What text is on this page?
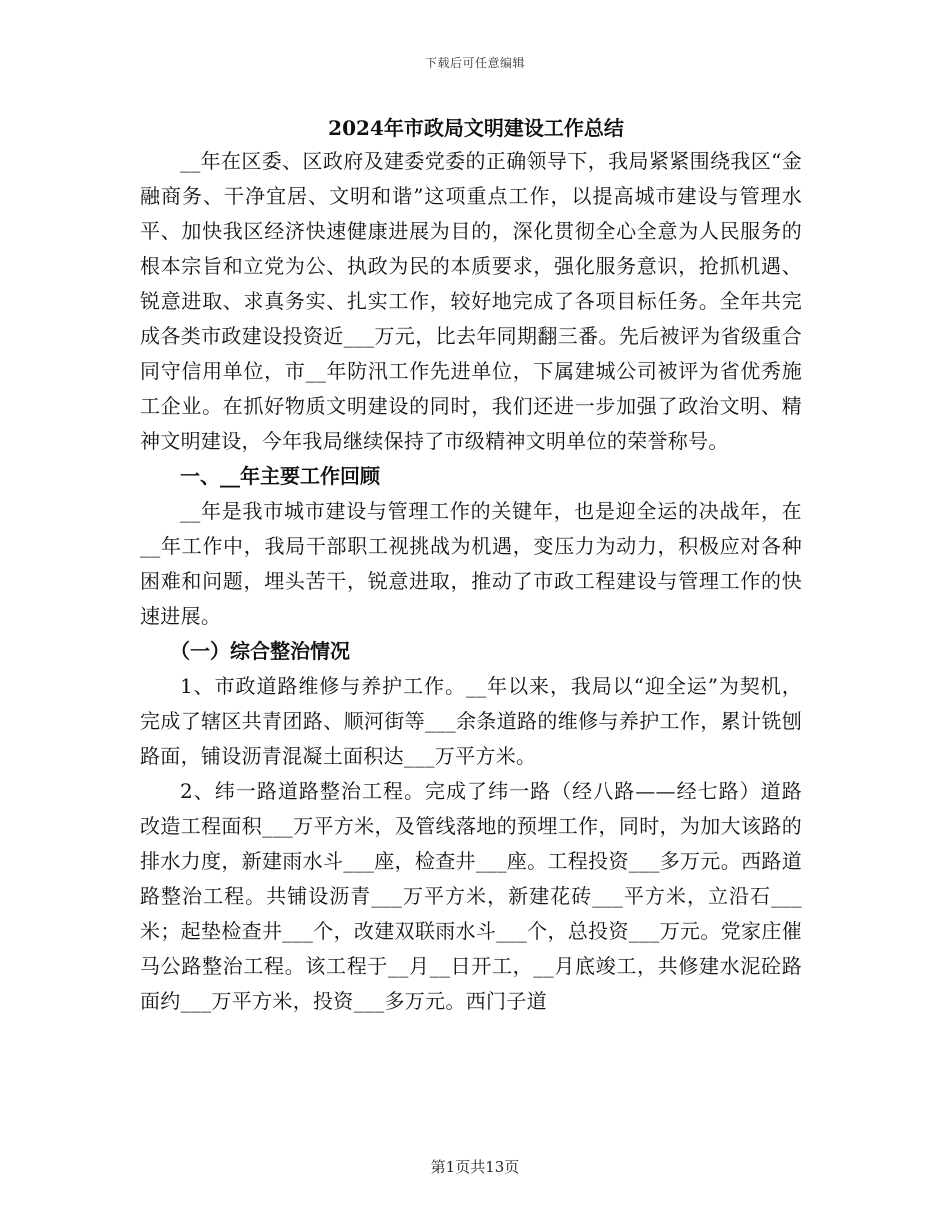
下载后可任意编辑
2024年市政局文明建设工作总结

__年在区委、区政府及建委党委的正确领导下，我局紧紧围绕我区“金融商务、干净宜居、文明和谐”这项重点工作，以提高城市建设与管理水平、加快我区经济快速健康进展为目的，深化贯彻全心全意为人民服务的根本宗旨和立党为公、执政为民的本质要求，强化服务意识，抢抓机遇、锐意进取、求真务实、扎实工作，较好地完成了各项目标任务。全年共完成各类市政建设投资近___万元，比去年同期翻三番。先后被评为省级重合同守信用单位，市__年防汛工作先进单位，下属建城公司被评为省优秀施工企业。在抓好物质文明建设的同时，我们还进一步加强了政治文明、精神文明建设，今年我局继续保持了市级精神文明单位的荣誉称号。

一、__年主要工作回顾

__年是我市城市建设与管理工作的关键年，也是迎全运的决战年，在__年工作中，我局干部职工视挑战为机遇，变压力为动力，积极应对各种困难和问题，埋头苦干，锐意进取，推动了市政工程建设与管理工作的快速进展。

（一）综合整治情况

1、市政道路维修与养护工作。__年以来，我局以“迎全运”为契机，完成了辖区共青团路、顺河街等___余条道路的维修与养护工作，累计铣刨路面，铺设沥青混凝土面积达___万平方米。

2、纬一路道路整治工程。完成了纬一路（经八路——经七路）道路改造工程面积___万平方米，及管线落地的预埋工作，同时，为加大该路的排水力度，新建雨水斗___座，检查井___座。工程投资___多万元。西路道路整治工程。共铺设沥青___万平方米，新建花砖___平方米，立沿石___米；起垫检查井___个，改建双联雨水斗___个，总投资___万元。党家庄催马公路整治工程。该工程于__月__日开工，__月底竣工，共修建水泥砼路面约___万平方米，投资___多万元。西门子道

第1页共13页
